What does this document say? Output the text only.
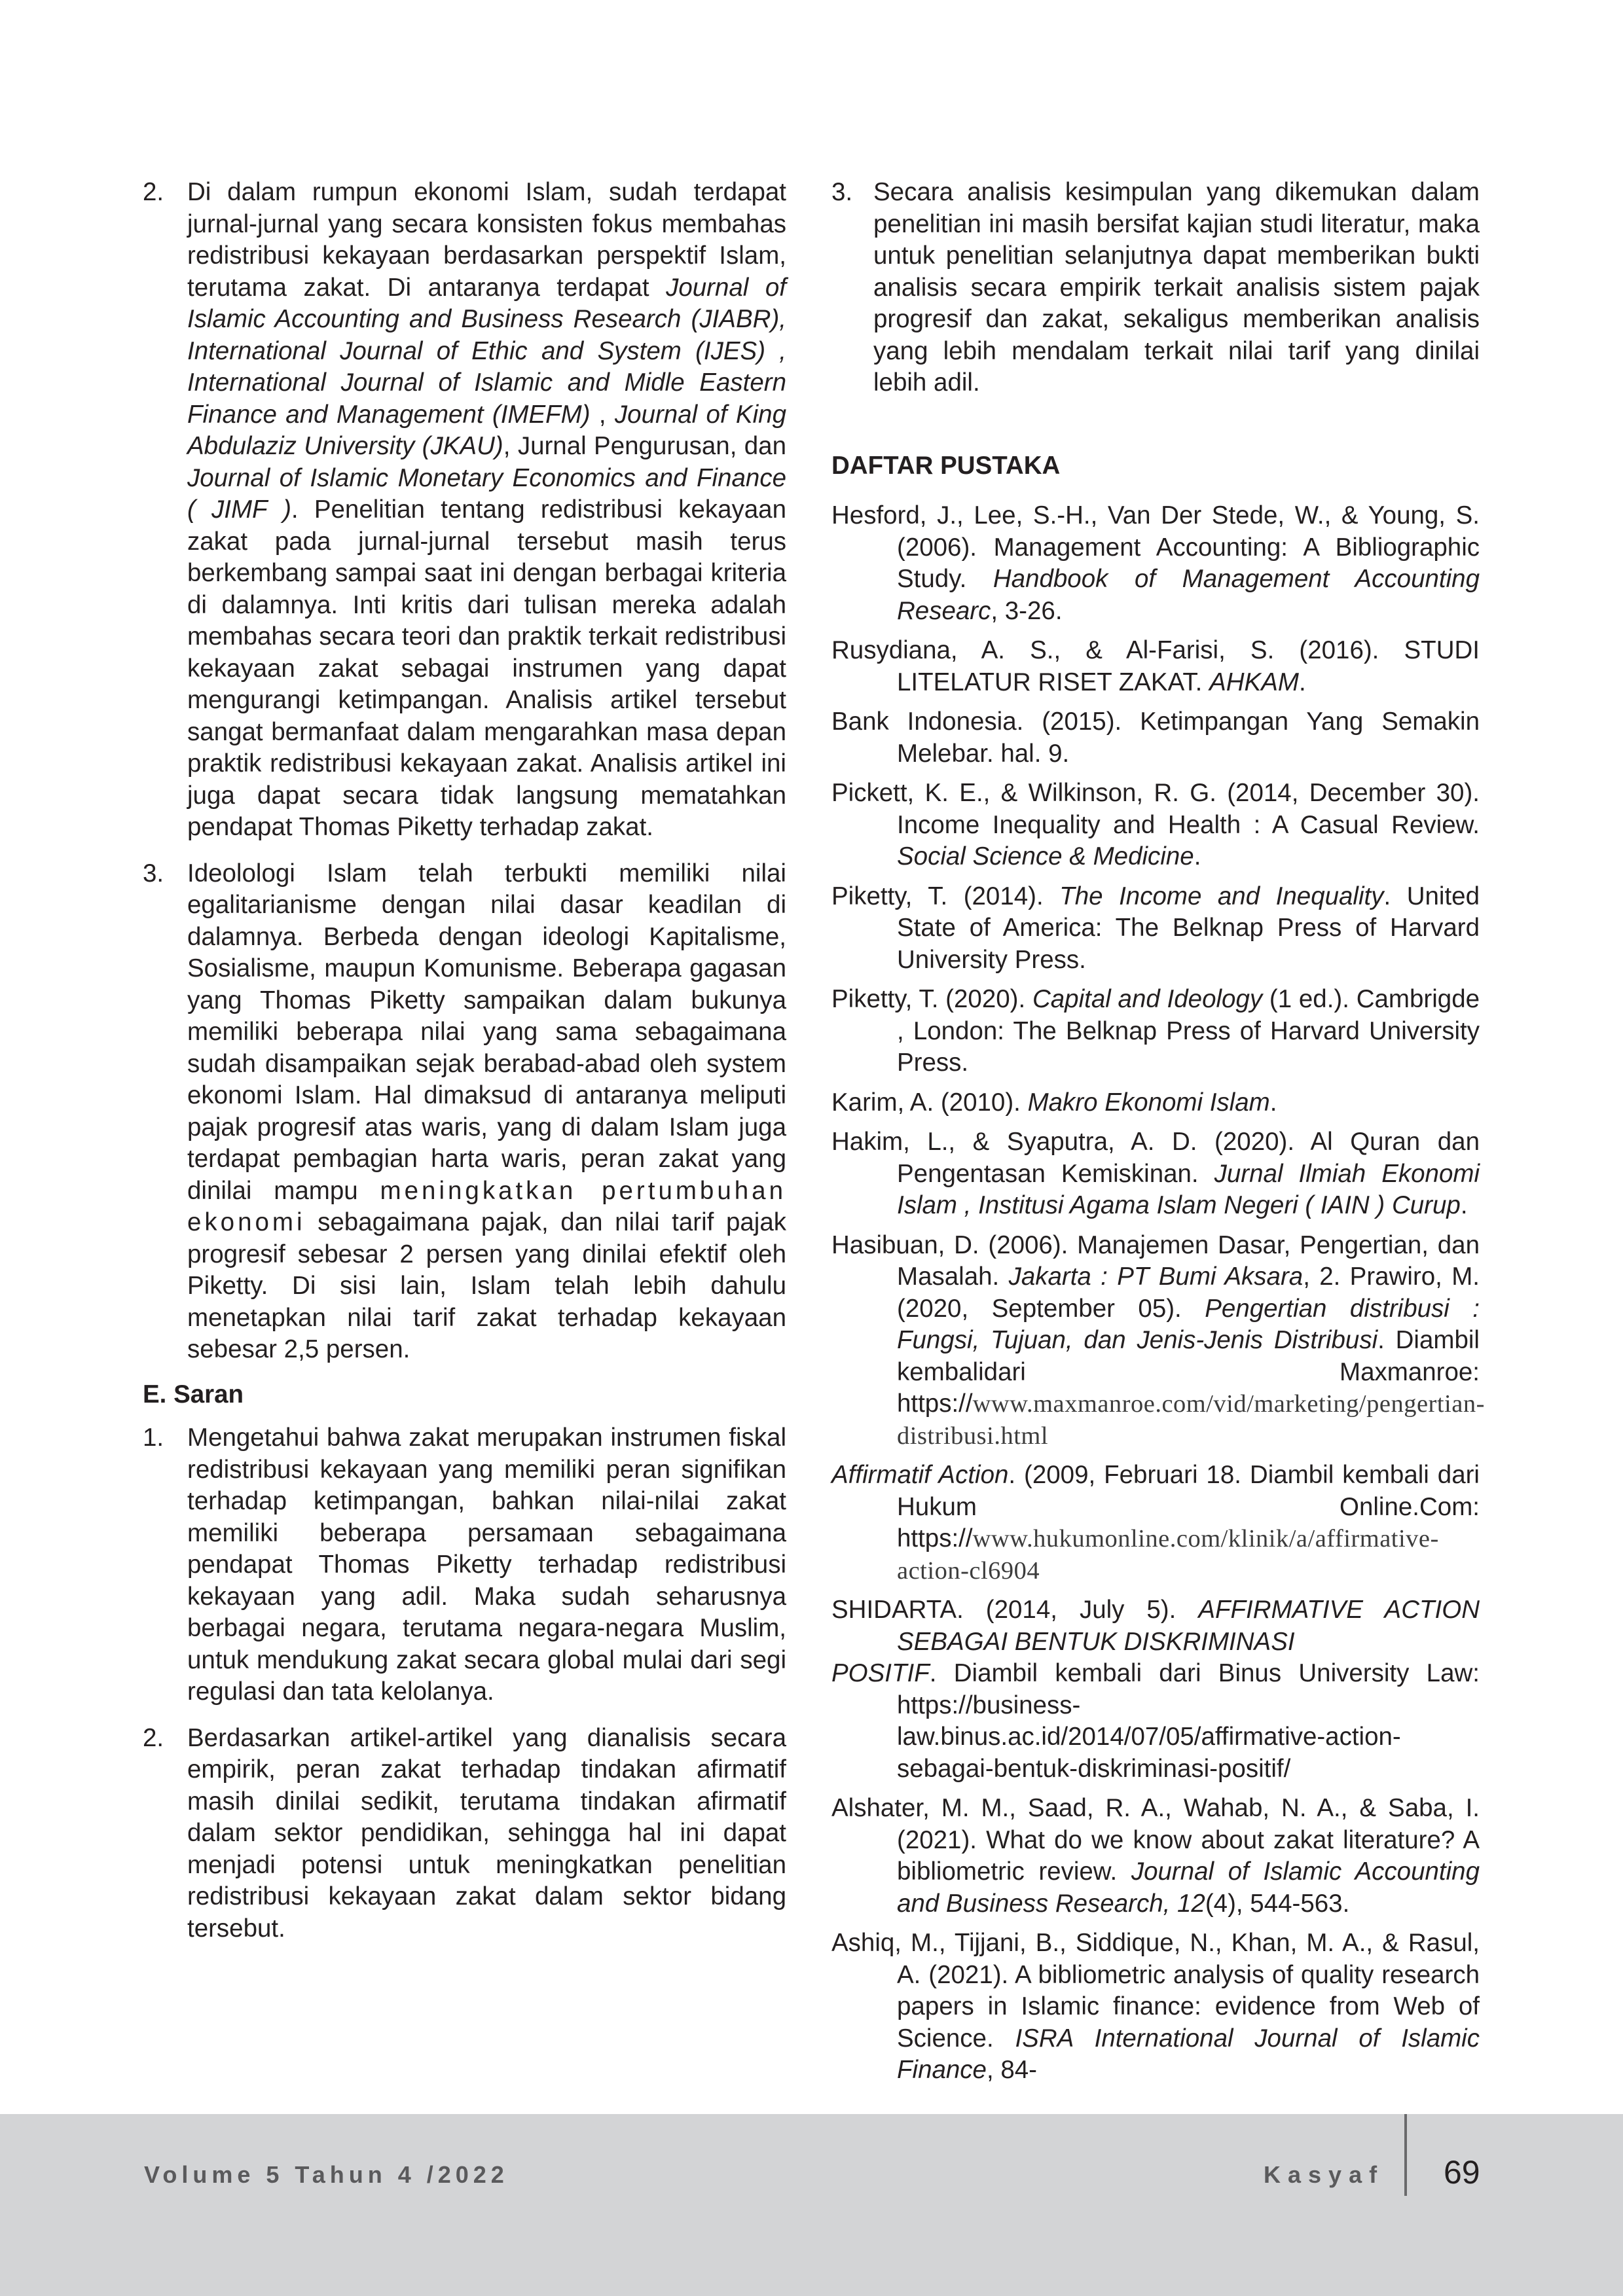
2. Di dalam rumpun ekonomi Islam, sudah terdapat jurnal-jurnal yang secara konsisten fokus membahas redistribusi kekayaan berdasarkan perspektif Islam, terutama zakat. Di antaranya terdapat Journal of Islamic Accounting and Business Research (JIABR), International Journal of Ethic and System (IJES) , International Journal of Islamic and Midle Eastern Finance and Management (IMEFM) , Journal of King Abdulaziz University (JKAU), Jurnal Pengurusan, dan Journal of Islamic Monetary Economics and Finance ( JIMF ). Penelitian tentang redistribusi kekayaan zakat pada jurnal-jurnal tersebut masih terus berkembang sampai saat ini dengan berbagai kriteria di dalamnya. Inti kritis dari tulisan mereka adalah membahas secara teori dan praktik terkait redistribusi kekayaan zakat sebagai instrumen yang dapat mengurangi ketimpangan. Analisis artikel tersebut sangat bermanfaat dalam mengarahkan masa depan praktik redistribusi kekayaan zakat. Analisis artikel ini juga dapat secara tidak langsung mematahkan pendapat Thomas Piketty terhadap zakat.
3. Ideolologi Islam telah terbukti memiliki nilai egalitarianisme dengan nilai dasar keadilan di dalamnya. Berbeda dengan ideologi Kapitalisme, Sosialisme, maupun Komunisme. Beberapa gagasan yang Thomas Piketty sampaikan dalam bukunya memiliki beberapa nilai yang sama sebagaimana sudah disampaikan sejak berabad-abad oleh system ekonomi Islam. Hal dimaksud di antaranya meliputi pajak progresif atas waris, yang di dalam Islam juga terdapat pembagian harta waris, peran zakat yang dinilai mampu meningkatkan pertumbuhan ekonomi sebagaimana pajak, dan nilai tarif pajak progresif sebesar 2 persen yang dinilai efektif oleh Piketty. Di sisi lain, Islam telah lebih dahulu menetapkan nilai tarif zakat terhadap kekayaan sebesar 2,5 persen.
E. Saran
1. Mengetahui bahwa zakat merupakan instrumen fiskal redistribusi kekayaan yang memiliki peran signifikan terhadap ketimpangan, bahkan nilai-nilai zakat memiliki beberapa persamaan sebagaimana pendapat Thomas Piketty terhadap redistribusi kekayaan yang adil. Maka sudah seharusnya berbagai negara, terutama negara-negara Muslim, untuk mendukung zakat secara global mulai dari segi regulasi dan tata kelolanya.
2. Berdasarkan artikel-artikel yang dianalisis secara empirik, peran zakat terhadap tindakan afirmatif masih dinilai sedikit, terutama tindakan afirmatif dalam sektor pendidikan, sehingga hal ini dapat menjadi potensi untuk meningkatkan penelitian redistribusi kekayaan zakat dalam sektor bidang tersebut.
3. Secara analisis kesimpulan yang dikemukan dalam penelitian ini masih bersifat kajian studi literatur, maka untuk penelitian selanjutnya dapat memberikan bukti analisis secara empirik terkait analisis sistem pajak progresif dan zakat, sekaligus memberikan analisis yang lebih mendalam terkait nilai tarif yang dinilai lebih adil.
DAFTAR PUSTAKA
Hesford, J., Lee, S.-H., Van Der Stede, W., & Young, S. (2006). Management Accounting: A Bibliographic Study. Handbook of Management Accounting Researc, 3-26.
Rusydiana, A. S., & Al-Farisi, S. (2016). STUDI LITELATUR RISET ZAKAT. AHKAM.
Bank Indonesia. (2015). Ketimpangan Yang Semakin Melebar. hal. 9.
Pickett, K. E., & Wilkinson, R. G. (2014, December 30). Income Inequality and Health : A Casual Review. Social Science & Medicine.
Piketty, T. (2014). The Income and Inequality. United State of America: The Belknap Press of Harvard University Press.
Piketty, T. (2020). Capital and Ideology (1 ed.). Cambrigde , London: The Belknap Press of Harvard University Press.
Karim, A. (2010). Makro Ekonomi Islam.
Hakim, L., & Syaputra, A. D. (2020). Al Quran dan Pengentasan Kemiskinan. Jurnal Ilmiah Ekonomi Islam , Institusi Agama Islam Negeri ( IAIN ) Curup.
Hasibuan, D. (2006). Manajemen Dasar, Pengertian, dan Masalah. Jakarta : PT Bumi Aksara, 2. Prawiro, M. (2020, September 05). Pengertian distribusi : Fungsi, Tujuan, dan Jenis-Jenis Distribusi. Diambil kembalidari Maxmanroe: https://www.maxmanroe.com/vid/marketing/pengertian-distribusi.html
Affirmatif Action. (2009, Februari 18. Diambil kembali dari Hukum Online.Com: https://www.hukumonline.com/klinik/a/affirmative-action-cl6904
SHIDARTA. (2014, July 5). AFFIRMATIVE ACTION SEBAGAI BENTUK DISKRIMINASI
POSITIF. Diambil kembali dari Binus University Law: https://business- law.binus.ac.id/2014/07/05/affirmative-action-sebagai-bentuk-diskriminasi-positif/
Alshater, M. M., Saad, R. A., Wahab, N. A., & Saba, I. (2021). What do we know about zakat literature? A bibliometric review. Journal of Islamic Accounting and Business Research, 12(4), 544-563.
Ashiq, M., Tijjani, B., Siddique, N., Khan, M. A., & Rasul, A. (2021). A bibliometric analysis of quality research papers in Islamic finance: evidence from Web of Science. ISRA International Journal of Islamic Finance, 84-
Volume 5 Tahun 4 /2022	Kasyaf 69
